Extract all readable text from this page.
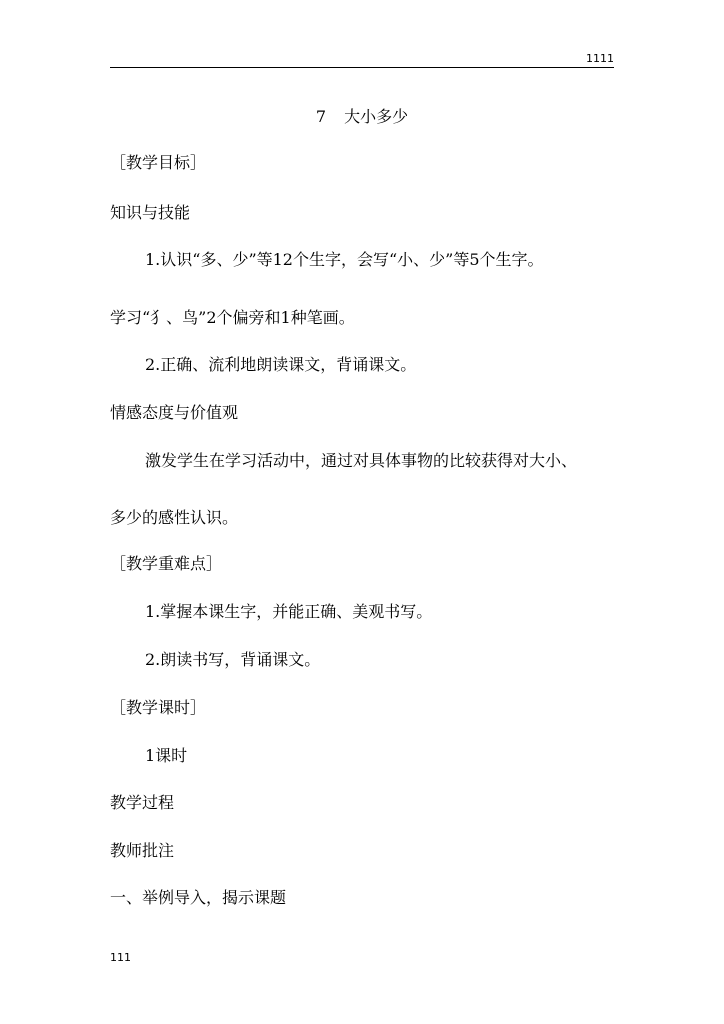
1111
7 大小多少
［教学目标］
知识与技能
1.认识“多、少”等12个生字，会写“小、少”等5个生字。
学习“犭、鸟”2个偏旁和1种笔画。
2.正确、流利地朗读课文，背诵课文。
情感态度与价值观
激发学生在学习活动中，通过对具体事物的比较获得对大小、
多少的感性认识。
［教学重难点］
1.掌握本课生字，并能正确、美观书写。
2.朗读书写，背诵课文。
［教学课时］
1课时
教学过程
教师批注
一、举例导入，揭示课题
111
